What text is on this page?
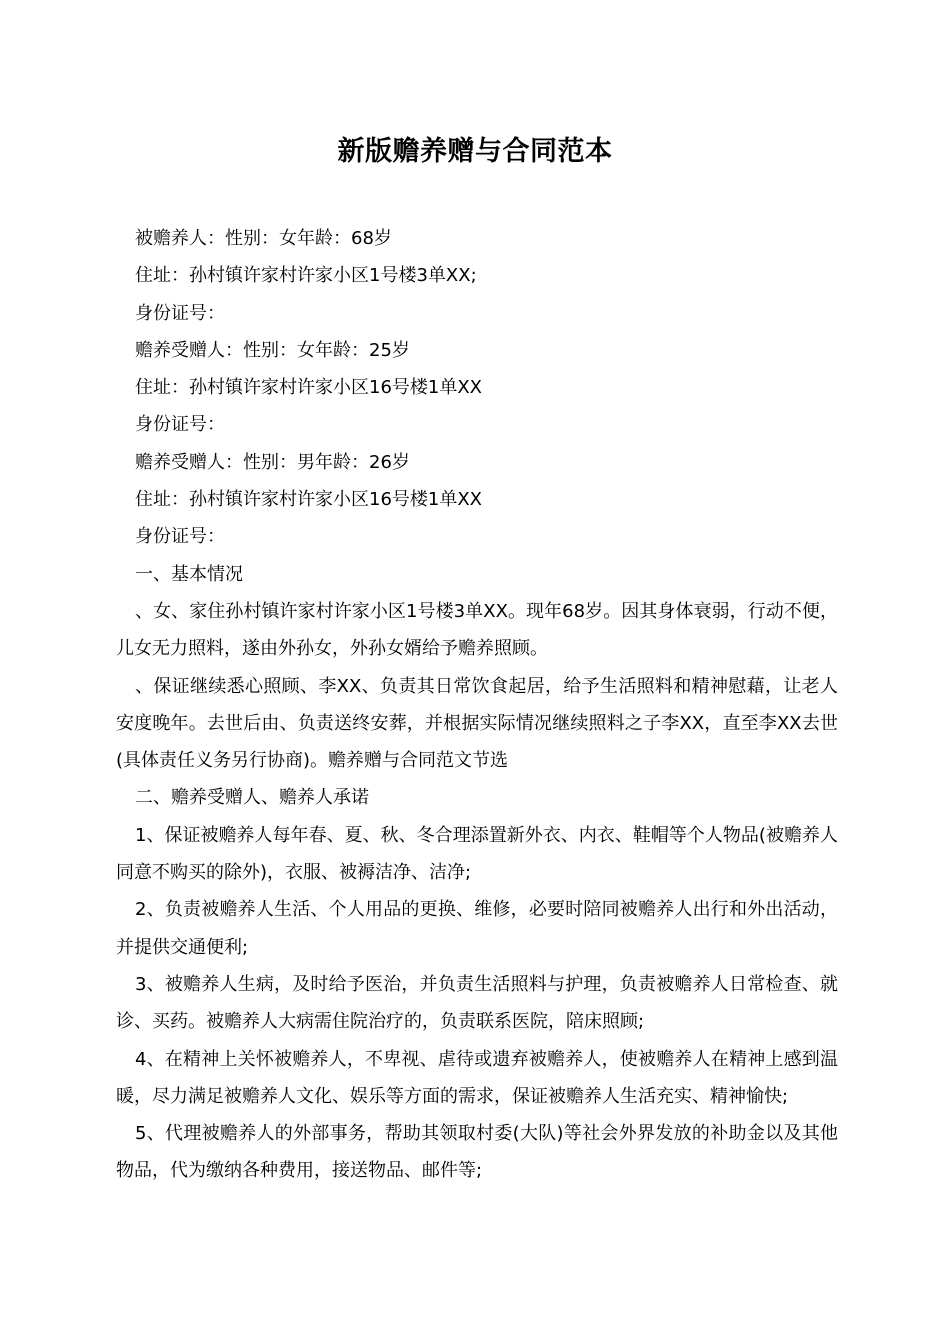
新版赡养赠与合同范本

被赡养人：性别：女年龄：68岁

住址：孙村镇许家村许家小区1号楼3单XX;

身份证号：

赡养受赠人：性别：女年龄：25岁

住址：孙村镇许家村许家小区16号楼1单XX

身份证号：

赡养受赠人：性别：男年龄：26岁

住址：孙村镇许家村许家小区16号楼1单XX

身份证号：

一、基本情况

、女、家住孙村镇许家村许家小区1号楼3单XX。现年68岁。因其身体衰弱，行动不便，儿女无力照料，遂由外孙女，外孙女婿给予赡养照顾。

、保证继续悉心照顾、李XX、负责其日常饮食起居，给予生活照料和精神慰藉，让老人安度晚年。去世后由、负责送终安葬，并根据实际情况继续照料之子李XX，直至李XX去世(具体责任义务另行协商)。赡养赠与合同范文节选

二、赡养受赠人、赡养人承诺

1、保证被赡养人每年春、夏、秋、冬合理添置新外衣、内衣、鞋帽等个人物品(被赡养人同意不购买的除外)，衣服、被褥洁净、洁净;

2、负责被赡养人生活、个人用品的更换、维修，必要时陪同被赡养人出行和外出活动，并提供交通便利;

3、被赡养人生病，及时给予医治，并负责生活照料与护理，负责被赡养人日常检查、就诊、买药。被赡养人大病需住院治疗的，负责联系医院，陪床照顾;

4、在精神上关怀被赡养人，不卑视、虐待或遗弃被赡养人，使被赡养人在精神上感到温暖，尽力满足被赡养人文化、娱乐等方面的需求，保证被赡养人生活充实、精神愉快;

5、代理被赡养人的外部事务，帮助其领取村委(大队)等社会外界发放的补助金以及其他物品，代为缴纳各种费用，接送物品、邮件等;
